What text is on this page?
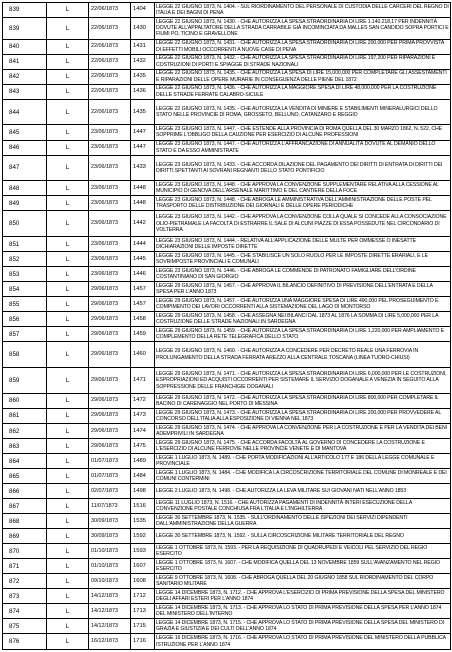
839	L	22/06/1873	1404	LEGGE 22 GIUGNO 1873, N. 1404. - SUL RIORDINAMENTO DEL PERSONALE DI CUSTODIA DELLE CARCERI DEL REGNO DI ITALIA E DEI BAGNI DI PENA
839	L	22/06/1873	1430	LEGGE 22 GIUGNO 1873, N. 1430. - CHE AUTORIZZA LA SPESA STRAORDINARIA DI LIRE 1.140.218,17 PER INDENNITÀ DOVUTE ALL'APPALTATORE DELLA STRADA CARRABILE GIÀ INCOMINCIATA DA MALLES SAN CANDIDO SOPRA PORTICI E FIUMI PO, TICINO E GRAVELLONE
840	L	22/06/1873	1431	LEGGE 22 GIUGNO 1873, N. 1431. - CHE AUTORIZZA LA SPESA STRAORDINARIA DI LIRE 200,000 PER PRIMA PROVVISTA DI EFFETTI MOBILI OCCORRENTI A NUOVE CASE DI PENA
841	L	22/06/1873	1432	LEGGE 22 GIUGNO 1873, N. 1432. - CHE AUTORIZZA LA SPESA STRAORDINARIA DI LIRE 197,200 PER RIPARAZIONI E COSTRUZIONI DI PORTI E SPIAGGE DI STRADE NAZIONALI
842	L	22/06/1873	1435	LEGGE 22 GIUGNO 1873, N. 1435. - CHE AUTORIZZA LA SPESA DI LIRE 15,000,000 PER COMPLETARE GLI ASSESTAMENTI E RIPARAZIONI DELLE OPERE MURARIE IN CONSEGUENZA DELLE PIENE DEL 1872
843	L	22/06/1873	1436	LEGGE 22 GIUGNO 1873, N. 1436. - CHE AUTORIZZA LA MAGGIORE SPESA DI LIRE 48,000,000 PER LA COSTRUZIONE DELLE STRADE FERRATE CALABRO-SICULE
844	L	22/06/1873	1435	LEGGE 22 GIUGNO 1873, N. 1435. - CHE AUTORIZZA LA VENDITA DI MINIERE E STABILIMENTI MINERALURGICI DELLO STATO NELLE PROVINCIE DI ROMA, GROSSETO, BELLUNO, CATANZARO E REGGIO
845	L	23/06/1873	1447	LEGGE 23 GIUGNO 1873, N. 1447. - CHE ESTENDE ALLA PROVINCIA DI ROMA QUELLA DEL 30 MARZO 1862, N. 522, CHE SOPPRIME L'OBBLIGO DELLA CAUZIONE PER ESERCIZIO DI ALCUNE PROFESSIONI
846	L	23/06/1873	1447	LEGGE 23 GIUGNO 1873, N. 1447. - CHE AUTORIZZA L'AFFRANCAZIONE DI ANNUALITÀ DOVUTE AL DEMANIO DELLO STATO E DA ESSO AMMINISTRATE
847	L	23/06/1873	1433	LEGGE 23 GIUGNO 1873, N. 1433. - CHE ACCORDA DILAZIONE DEL PAGAMENTO DEI DIRITTI DI ENTRATA DI DIRITTI DEI DIRITTI SPETTANTI AI SOVRANI REGNANTI DELLO STATO PONTIFICIO
848	L	23/06/1873	1448	LEGGE 23 GIUGNO 1873, N. 1448. - CHE APPROVA LA CONVENZIONE SUPPLEMENTARE RELATIVA ALLA CESSIONE AL MUNICIPIO DI GENOVA DELL'ARSENALE MARITTIMO E DEL CANTIERE DELLA FOCE
849	L	23/06/1873	1448	LEGGE 23 GIUGNO 1873, N. 1448. - CHE ABROGA LE AMMINISTRATIVA DELL'AMMINISTRAZIONE DELLE POSTE PEL TRASPORTO DELLE DISTRIBUZIONE DEI GIORNALI E DELLE OPERE PERIODICHE
850	L	23/06/1873	1442	LEGGE 23 GIUGNO 1873, N. 1442. - CHE APPROVA LA CONVENZIONE COLLA QUALE SI CONCEDE ALLA CONSOCIAZIONE OLIO-PIETRAMALE LA FACOLTÀ DI ESTRARRE IL SALE DI ALCUNI PIAZZE DI ESSA POSSEDUTE NEL CIRCONDARIO DI VOLTERRA
851	L	23/06/1873	1444	LEGGE 23 GIUGNO 1873, N. 1444. - RELATIVA ALL'APPLICAZIONE DELLE MULTE PER OMMESSE O INESATTE DICHIARAZIONI DELLE IMPOSTE DIRETTE
852	L	23/06/1873	1445	LEGGE 23 GIUGNO 1873, N. 1445. - CHE STABILISCE UN SOLO RUOLO PER LE IMPOSTE DIRETTE ERARIALI, E LE SOVRIMPOSTE PROVINCIALI E COMUNALI
853	L	23/06/1873	1446	LEGGE 23 GIUGNO 1873, N. 1446. - CHE ABROGA LE COMMENDE DI PATRONATO FAMIGLIARE DELL'ORDINE COSTANTINIANO DI SAN GIORGIO
854	L	29/06/1873	1457	LEGGE 29 GIUGNO 1873, N. 1457. - CHE APPROVA IL BILANCIO DEFINITIVO DI PREVISIONE DELL'ENTRATA E DELLA SPESA PER L'ANNO 1873
855	L	29/06/1873	1457	LEGGE 29 GIUGNO 1873, N. 1457. - CHE AUTORIZZA UNA MAGGIORE SPESA DI LIRE 490,000 PEL PROSEGUIMENTO E COMPIMENTO DEI LAVORI OCCORRENTI ALLA SISTEMAZIONE DEL LAGO DI MONTORSO
856	L	29/06/1873	1458	LEGGE 29 GIUGNO 1873, N. 1458. - CHE ASSEGNA NEI BILANCI DAL 1873 AL 1876 LA SOMMA DI LIRE 5,000,000 PER LA COSTRUZIONE DELLE STRADE NAZIONALI IN SARDEGNA
857	L	29/06/1873	1459	LEGGE 29 GIUGNO 1873, N. 1459. - CHE AUTORIZZA LA SPESA STRAORDINARIA DI LIRE 1,220,000 PER AMPLIAMENTO E COMPLEMENTO DELLA RETE TELEGRAFICA DELLO STATO
858	L	29/06/1873	1460	LEGGE 29 GIUGNO 1873, N. 1460. - CHE AUTORIZZA A CONCEDERE PER DECRETO REALE UNA FERROVIA IN PROLUNGAMENTO DELLA STRADA FERRATA AREZZO ALLA CENTRALE TOSCANA (LINEA TUORO-CHIUSI)
859	L	29/06/1873	1471	LEGGE 29 GIUGNO 1873, N. 1471. - CHE AUTORIZZA LA SPESA STRAORDINARIA DI LIRE 6,000,000 PER LE COSTRUZIONI, ESPROPRIAZIONI ED ACQUISTI OCCORRENTI PER SISTEMARE IL SERVIZIO DOGANALE A VENEZIA IN SEGUITO ALLA SOPPRESSIONE DELLE FRANCHIGIE DOGANALI
860	L	29/06/1873	1472	LEGGE 29 GIUGNO 1873, N. 1472. - CHE AUTORIZZA LA SPESA STRAORDINARIA DI LIRE 800,000 PER COMPLETARE IL BACINO DI CARENAGGIO NEL PORTO DI MESSINA
861	L	29/06/1873	1473	LEGGE 29 GIUGNO 1873, N. 1473. - CHE AUTORIZZA LA SPESA STRAORDINARIA DI LIRE 200,000 PER PROVVEDERE AL CONCORSO DELL'ITALIA ALLA ESPOSIZIONE DI VIENNA NEL 1873
862	L	29/06/1873	1474	LEGGE 29 GIUGNO 1873, N. 1474. - CHE APPROVA LA CONVENZIONE PER LA COSTRUZIONE E PER LA VENDITA DEI BENI ADEMPRIVILI IN SARDEGNA
863	L	29/06/1873	1475	LEGGE 29 GIUGNO 1873, N. 1475. - CHE ACCORDA FACOLTÀ AL GOVERNO DI CONCEDERE LA COSTRUZIONE E L'ESERCIZIO DI ALCUNE FERROVIE NELLE PROVINCIE VENETE E DI MANTOVA
864	L	01/07/1873	1489	LEGGE 1 LUGLIO 1873, N. 1489. - CHE PORTA MODIFICAZIONI ALL'ARTICOLO 177 E 186 DELLA LEGGE COMUNALE E PROVINCIALE
865	L	01/07/1873	1484	LEGGE 1 LUGLIO 1873, N. 1484. - CHE MODIFICA LA CIRCOSCRIZIONE TERRITORIALE DEL COMUNE DI MONREALE E DEI COMUNI CONTERMINI
866	L	02/07/1873	1498	LEGGE 2 LUGLIO 1873, N. 1498. - CHE AUTORIZZA LA LEVA MILITARE SUI GIOVANI NATI NELL'ANNO 1853
867	L	11/07/1873	1516	LEGGE 11 LUGLIO 1873, N. 1516. - CHE AUTORIZZA PAGAMENTI DI INDENNITÀ INTERI ESECUZIONE DELLA CONVENZIONE POSTALE CONCHIUSA FRA L'ITALIA E L'INGHILTERRA
868	L	30/09/1873	1535	LEGGE 30 SETTEMBRE 1873, N. 1535. - SULL'ORDINAMENTO DELLE ISPEZIONI DEI SERVIZI DIPENDENTI DALL'AMMINISTRAZIONE DELLA GUERRA
869	L	30/09/1873	1592	LEGGE 30 SETTEMBRE 1873, N. 1592. - SULLA CIRCOSCRIZIONE MILITARE TERRITORIALE DEL REGNO
870	L	01/10/1873	1593	LEGGE 1 OTTOBRE 1873, N. 1593. - PER LA REQUISIZIONE DI QUADRUPEDI E VEICOLI PEL SERVIZIO DEL REGIO ESERCITO
871	L	01/10/1873	1607	LEGGE 1 OTTOBRE 1873, N. 1607. - CHE MODIFICA QUELLA DEL 13 NOVEMBRE 1859 SULL'AVANZAMENTO NEL REGIO ESERCITO
872	L	09/10/1873	1608	LEGGE 9 OTTOBRE 1873, N. 1608. - CHE ABROGA QUELLA DEL 20 GIUGNO 1858 SUL RIORDINAMENTO DEL CORPO SANITARIO MILITARE
873	L	14/12/1873	1712	LEGGE 14 DICEMBRE 1873, N. 1712. - CHE APPROVA L'ESERCIZIO DI PRIMA PREVISIONE DELLA SPESA DEL MINISTERO DEGLI AFFARI ESTERI PER L'ANNO 1874
874	L	14/12/1873	1713	LEGGE 14 DICEMBRE 1873, N. 1713. - CHE APPROVA LO STATO DI PRIMA PREVISIONE DELLA SPESA PER L'ANNO 1874 DEL MINISTERO DELL'INTERNO
875	L	14/12/1873	1715	LEGGE 14 DICEMBRE 1873, N. 1715. - CHE APPROVA LO STATO DI PRIMA PREVISIONE DELLA SPESA DEL MINISTERO DI GRAZIA E GIUSTIZIA E DEI CULTI DELL'ANNO 1874
876	L	16/12/1873	1716	LEGGE 16 DICEMBRE 1873, N. 1716. - CHE APPROVA LO STATO DI PRIMA PREVISIONE DEL MINISTERO DELLA PUBBLICA ISTRUZIONE PER L'ANNO 1874
